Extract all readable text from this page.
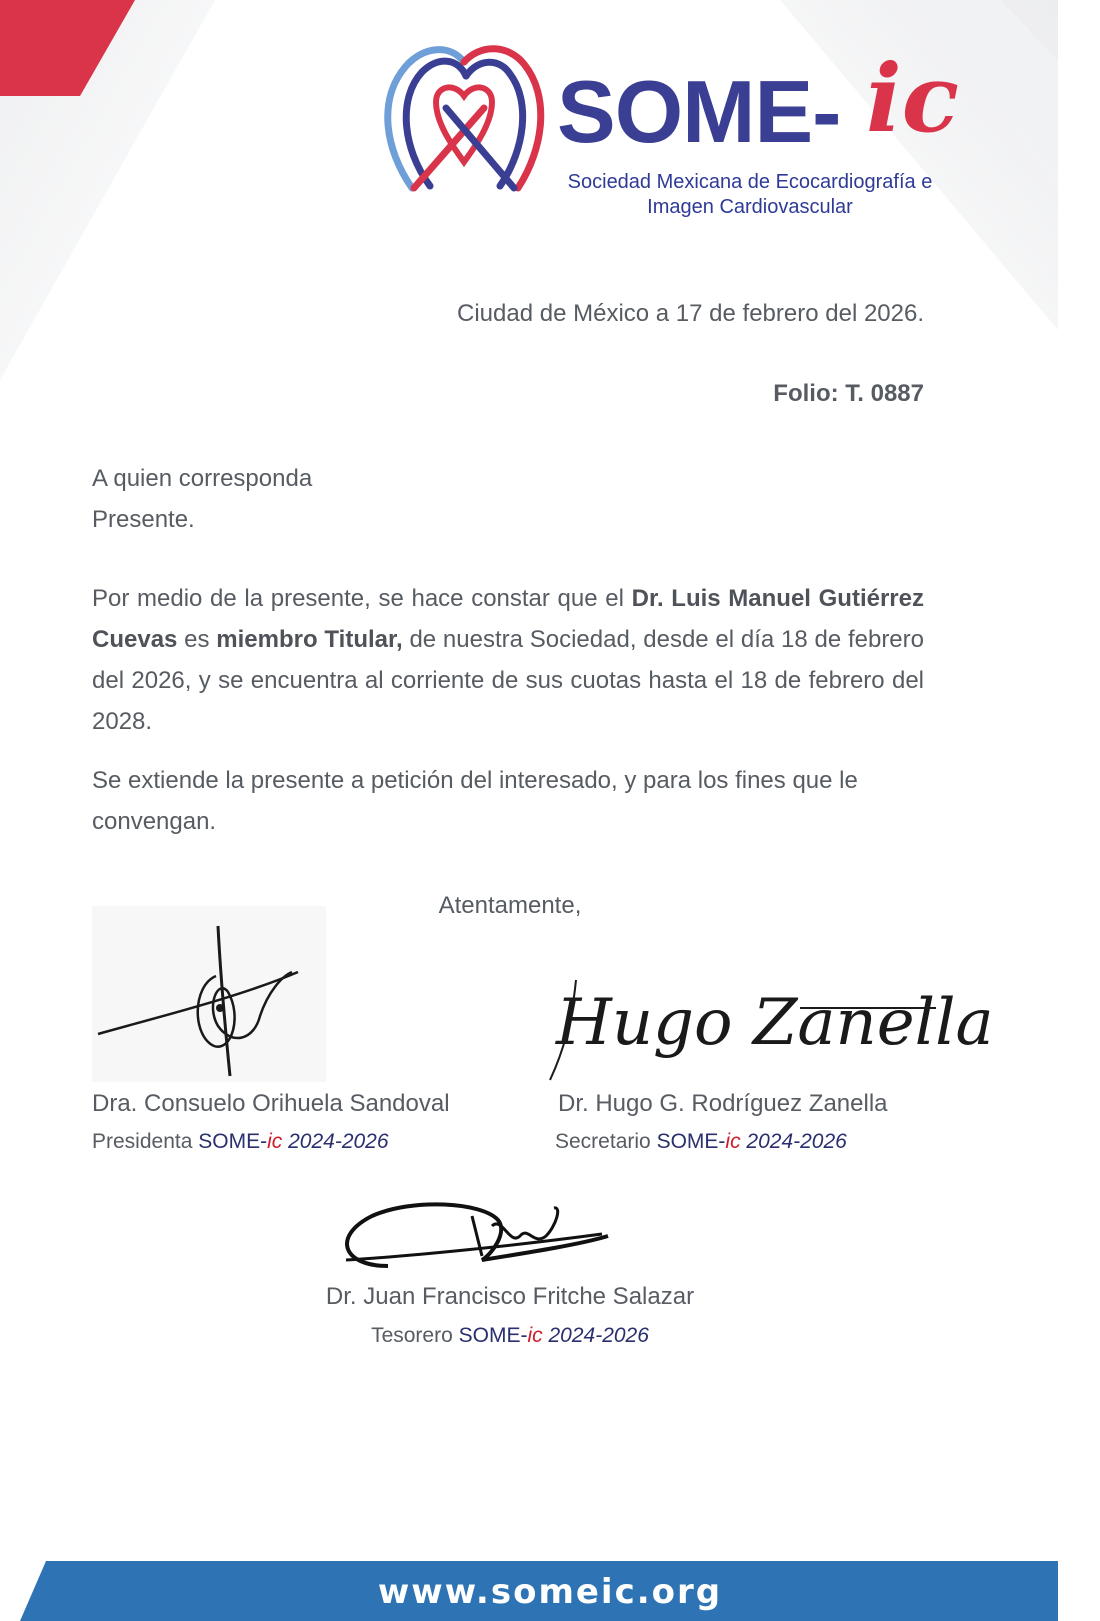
SOME- ic
Sociedad Mexicana de Ecocardiografía e
Imagen Cardiovascular
Ciudad de México a 17 de febrero del 2026.
Folio: T. 0887
A quien corresponda
Presente.
Por medio de la presente, se hace constar que el Dr. Luis Manuel Gutiérrez Cuevas es miembro Titular, de nuestra Sociedad, desde el día 18 de febrero del 2026, y se encuentra al corriente de sus cuotas hasta el 18 de febrero del 2028.
Se extiende la presente a petición del interesado, y para los fines que le convengan.
Atentamente,
Hugo Zanella
Dra. Consuelo Orihuela Sandoval
Presidenta SOME-ic 2024-2026
Dr. Hugo G. Rodríguez Zanella
Secretario SOME-ic 2024-2026
Dr. Juan Francisco Fritche Salazar
Tesorero SOME-ic 2024-2026
www.someic.org
